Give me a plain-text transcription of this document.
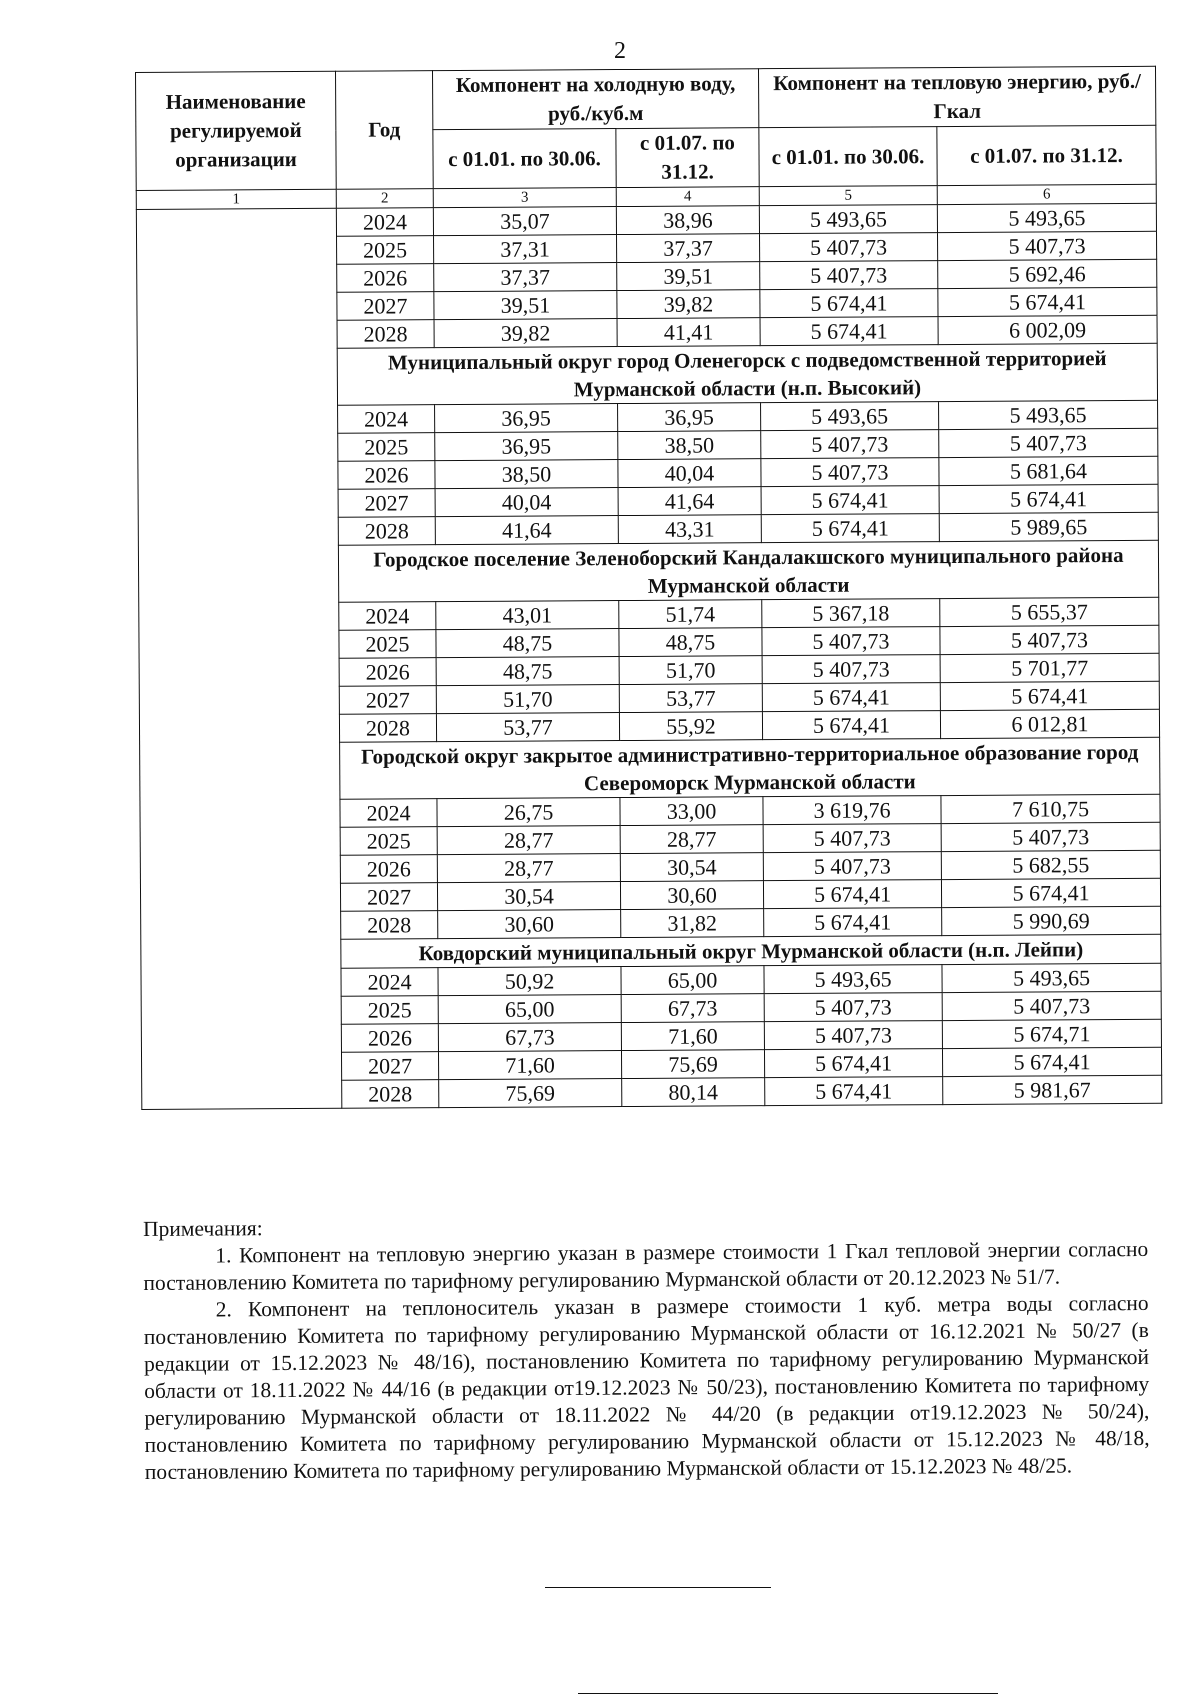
2
Наименование регулируемой организации	Год	Компонент на холодную воду, руб./куб.м		Компонент на тепловую энергию, руб./Гкал	
		с 01.01. по 30.06.	с 01.07. по 31.12.	с 01.01. по 30.06.	с 01.07. по 31.12.
1	2	3	4	5	6
	2024	35,07	38,96	5 493,65	5 493,65
	2025	37,31	37,37	5 407,73	5 407,73
	2026	37,37	39,51	5 407,73	5 692,46
	2027	39,51	39,82	5 674,41	5 674,41
	2028	39,82	41,41	5 674,41	6 002,09
	Муниципальный округ город Оленегорск с подведомственной территорией Мурманской области (н.п. Высокий)				
	2024	36,95	36,95	5 493,65	5 493,65
	2025	36,95	38,50	5 407,73	5 407,73
	2026	38,50	40,04	5 407,73	5 681,64
	2027	40,04	41,64	5 674,41	5 674,41
	2028	41,64	43,31	5 674,41	5 989,65
	Городское поселение Зеленоборский Кандалакшского муниципального района Мурманской области				
	2024	43,01	51,74	5 367,18	5 655,37
	2025	48,75	48,75	5 407,73	5 407,73
	2026	48,75	51,70	5 407,73	5 701,77
	2027	51,70	53,77	5 674,41	5 674,41
	2028	53,77	55,92	5 674,41	6 012,81
	Городской округ закрытое административно-территориальное образование город Североморск Мурманской области				
	2024	26,75	33,00	3 619,76	7 610,75
	2025	28,77	28,77	5 407,73	5 407,73
	2026	28,77	30,54	5 407,73	5 682,55
	2027	30,54	30,60	5 674,41	5 674,41
	2028	30,60	31,82	5 674,41	5 990,69
	Ковдорский муниципальный округ Мурманской области (н.п. Лейпи)				
	2024	50,92	65,00	5 493,65	5 493,65
	2025	65,00	67,73	5 407,73	5 407,73
	2026	67,73	71,60	5 407,73	5 674,71
	2027	71,60	75,69	5 674,41	5 674,41
	2028	75,69	80,14	5 674,41	5 981,67

Примечания:

1. Компонент на тепловую энергию указан в размере стоимости 1 Гкал тепловой энергии согласно постановлению Комитета по тарифному регулированию Мурманской области от 20.12.2023 № 51/7.

2. Компонент на теплоноситель указан в размере стоимости 1 куб. метра воды согласно постановлению Комитета по тарифному регулированию Мурманской области от 16.12.2021 № 50/27 (в редакции от 15.12.2023 № 48/16), постановлению Комитета по тарифному регулированию Мурманской области от 18.11.2022 № 44/16 (в редакции от19.12.2023 № 50/23), постановлению Комитета по тарифному регулированию Мурманской области от 18.11.2022 № 44/20 (в редакции от19.12.2023 № 50/24), постановлению Комитета по тарифному регулированию Мурманской области от 15.12.2023 № 48/18, постановлению Комитета по тарифному регулированию Мурманской области от 15.12.2023 № 48/25.
